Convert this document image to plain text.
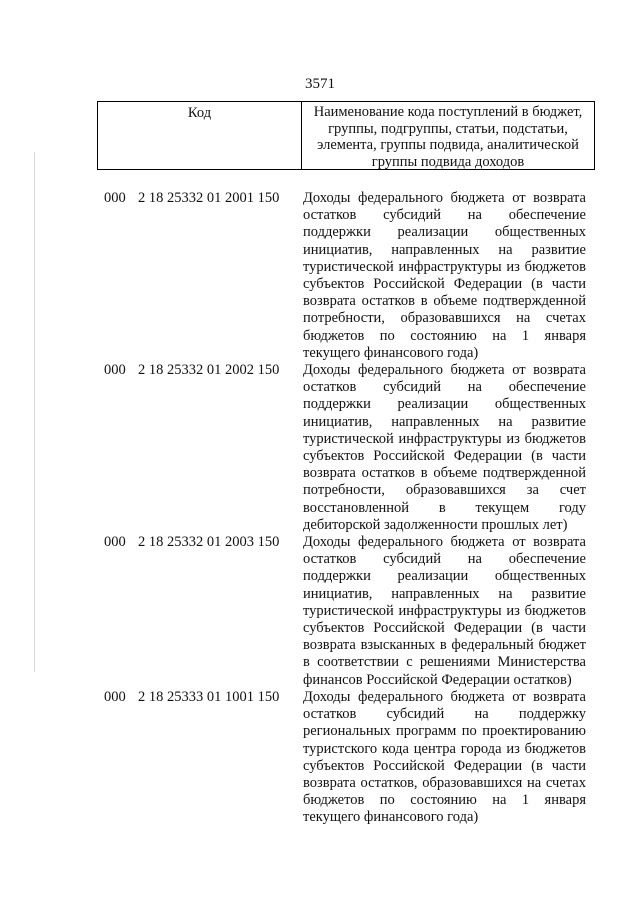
3571
Код	Наименование кода поступлений в бюджет, группы, подгруппы, статьи, подстатьи, элемента, группы подвида, аналитической группы подвида доходов
000 2 18 25332 01 2001 150	Доходы федерального бюджета от возврата остатков субсидий на обеспечение поддержки реализации общественных инициатив, направленных на развитие туристической инфраструктуры из бюджетов субъектов Российской Федерации (в части возврата остатков в объеме подтвержденной потребности, образовавшихся на счетах бюджетов по состоянию на 1 января текущего финансового года)
000 2 18 25332 01 2002 150	Доходы федерального бюджета от возврата остатков субсидий на обеспечение поддержки реализации общественных инициатив, направленных на развитие туристической инфраструктуры из бюджетов субъектов Российской Федерации (в части возврата остатков в объеме подтвержденной потребности, образовавшихся за счет восстановленной в текущем году дебиторской задолженности прошлых лет)
000 2 18 25332 01 2003 150	Доходы федерального бюджета от возврата остатков субсидий на обеспечение поддержки реализации общественных инициатив, направленных на развитие туристической инфраструктуры из бюджетов субъектов Российской Федерации (в части возврата взысканных в федеральный бюджет в соответствии с решениями Министерства финансов Российской Федерации остатков)
000 2 18 25333 01 1001 150	Доходы федерального бюджета от возврата остатков субсидий на поддержку региональных программ по проектированию туристского кода центра города из бюджетов субъектов Российской Федерации (в части возврата остатков, образовавшихся на счетах бюджетов по состоянию на 1 января текущего финансового года)
